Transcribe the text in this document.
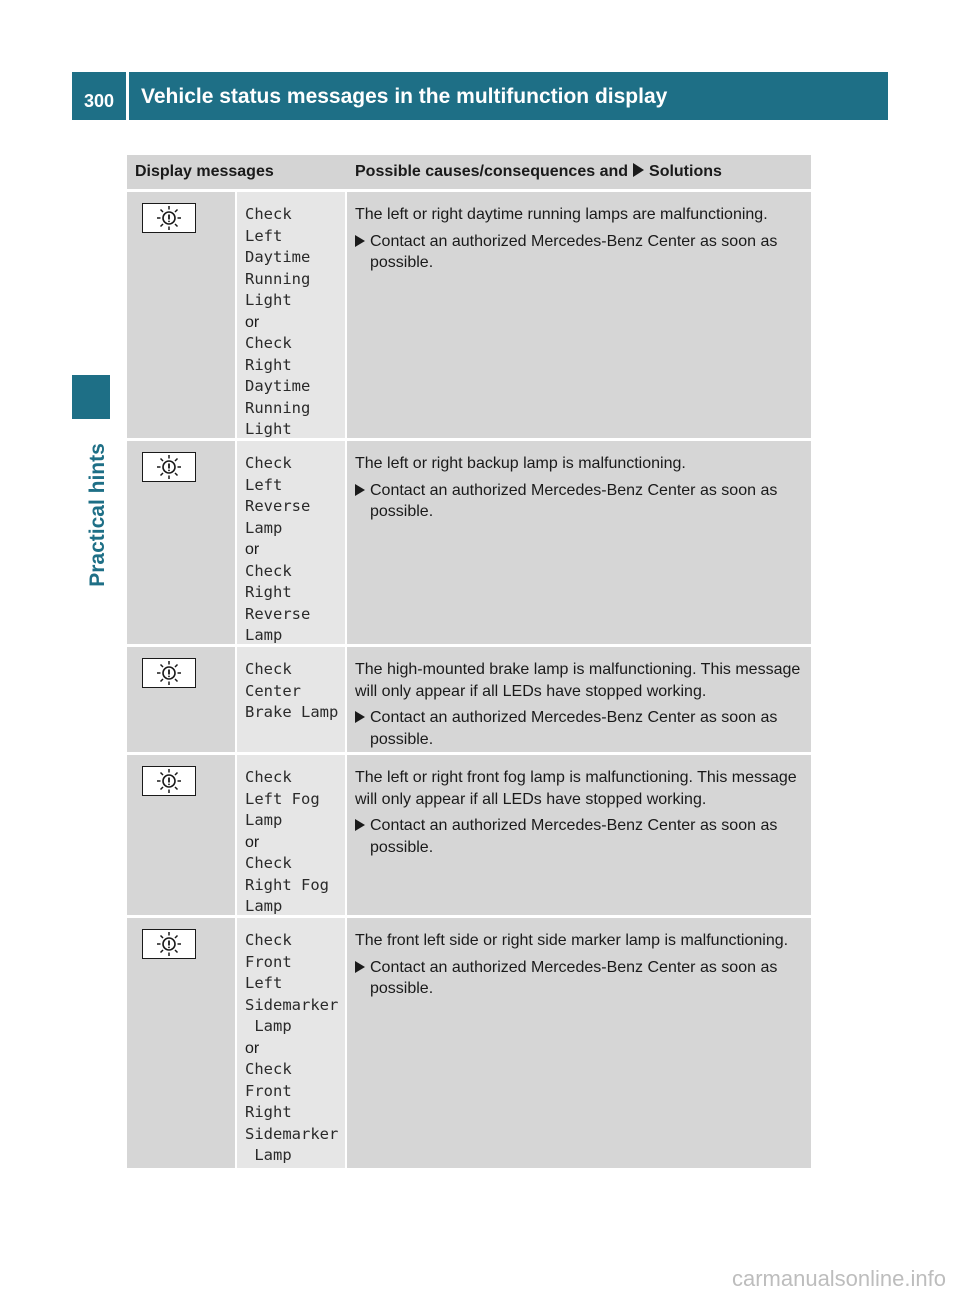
300	Vehicle status messages in the multifunction display
Practical hints
Display messages	Possible causes/consequences and Solutions
Check
Left
Daytime
Running
Light
or
Check
Right
Daytime
Running
Light

The left or right daytime running lamps are malfunctioning.

Contact an authorized Mercedes-Benz Center as soon as possible.
Check
Left
Reverse
Lamp
or
Check
Right
Reverse
Lamp

The left or right backup lamp is malfunctioning.

Contact an authorized Mercedes-Benz Center as soon as possible.
Check
Center
Brake Lamp

The high-mounted brake lamp is malfunctioning. This message will only appear if all LEDs have stopped working.

Contact an authorized Mercedes-Benz Center as soon as possible.
Check
Left Fog
Lamp
or
Check
Right Fog
Lamp

The left or right front fog lamp is malfunctioning. This message will only appear if all LEDs have stopped working.

Contact an authorized Mercedes-Benz Center as soon as possible.
Check
Front
Left
Sidemarker
Lamp
or
Check
Front
Right
Sidemarker
Lamp

The front left side or right side marker lamp is malfunctioning.

Contact an authorized Mercedes-Benz Center as soon as possible.
carmanualsonline.info
